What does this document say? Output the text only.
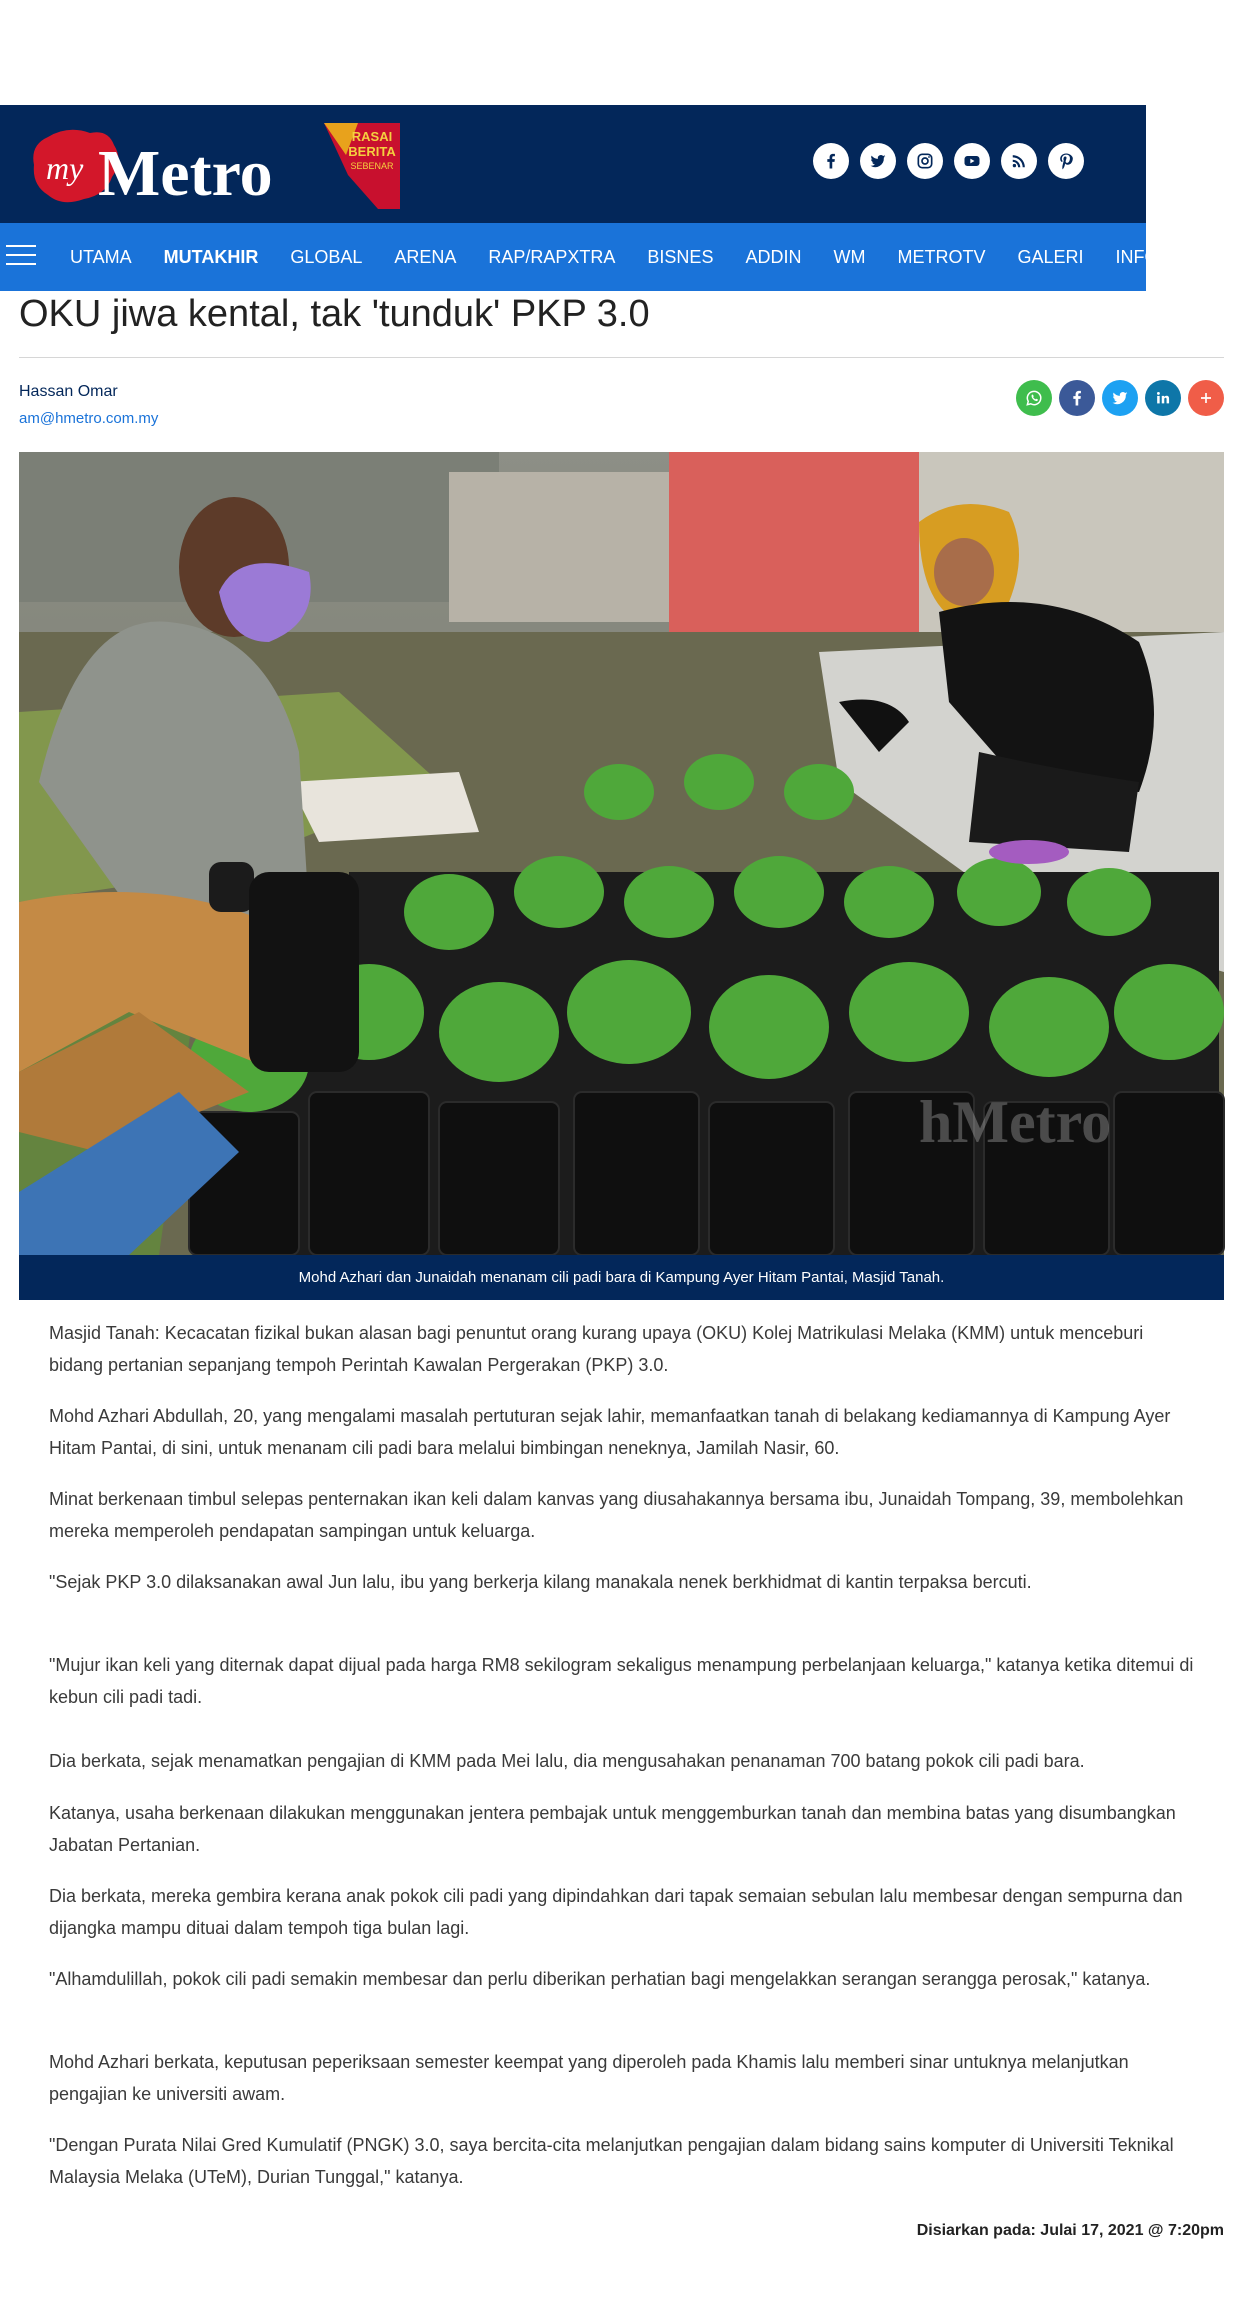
my Metro
RASAI
BERITA
SEBENAR
UTAMA	MUTAKHIR	GLOBAL	ARENA	RAP/RAPXTRA	BISNES	ADDIN	WM	METROTV	GALERI	INFOGRAFIK
OKU jiwa kental, tak 'tunduk' PKP 3.0
Hassan Omar
am@hmetro.com.my
hMetro
Mohd Azhari dan Junaidah menanam cili padi bara di Kampung Ayer Hitam Pantai, Masjid Tanah.

Masjid Tanah: Kecacatan fizikal bukan alasan bagi penuntut orang kurang upaya (OKU) Kolej Matrikulasi Melaka (KMM) untuk menceburi bidang pertanian sepanjang tempoh Perintah Kawalan Pergerakan (PKP) 3.0.

Mohd Azhari Abdullah, 20, yang mengalami masalah pertuturan sejak lahir, memanfaatkan tanah di belakang kediamannya di Kampung Ayer Hitam Pantai, di sini, untuk menanam cili padi bara melalui bimbingan neneknya, Jamilah Nasir, 60.

Minat berkenaan timbul selepas penternakan ikan keli dalam kanvas yang diusahakannya bersama ibu, Junaidah Tompang, 39, membolehkan mereka memperoleh pendapatan sampingan untuk keluarga.

"Sejak PKP 3.0 dilaksanakan awal Jun lalu, ibu yang berkerja kilang manakala nenek berkhidmat di kantin terpaksa bercuti.

"Mujur ikan keli yang diternak dapat dijual pada harga RM8 sekilogram sekaligus menampung perbelanjaan keluarga," katanya ketika ditemui di kebun cili padi tadi.

Dia berkata, sejak menamatkan pengajian di KMM pada Mei lalu, dia mengusahakan penanaman 700 batang pokok cili padi bara.

Katanya, usaha berkenaan dilakukan menggunakan jentera pembajak untuk menggemburkan tanah dan membina batas yang disumbangkan Jabatan Pertanian.

Dia berkata, mereka gembira kerana anak pokok cili padi yang dipindahkan dari tapak semaian sebulan lalu membesar dengan sempurna dan dijangka mampu dituai dalam tempoh tiga bulan lagi.

"Alhamdulillah, pokok cili padi semakin membesar dan perlu diberikan perhatian bagi mengelakkan serangan serangga perosak," katanya.

Mohd Azhari berkata, keputusan peperiksaan semester keempat yang diperoleh pada Khamis lalu memberi sinar untuknya melanjutkan pengajian ke universiti awam.

"Dengan Purata Nilai Gred Kumulatif (PNGK) 3.0, saya bercita-cita melanjutkan pengajian dalam bidang sains komputer di Universiti Teknikal Malaysia Melaka (UTeM), Durian Tunggal," katanya.

Disiarkan pada: Julai 17, 2021 @ 7:20pm
